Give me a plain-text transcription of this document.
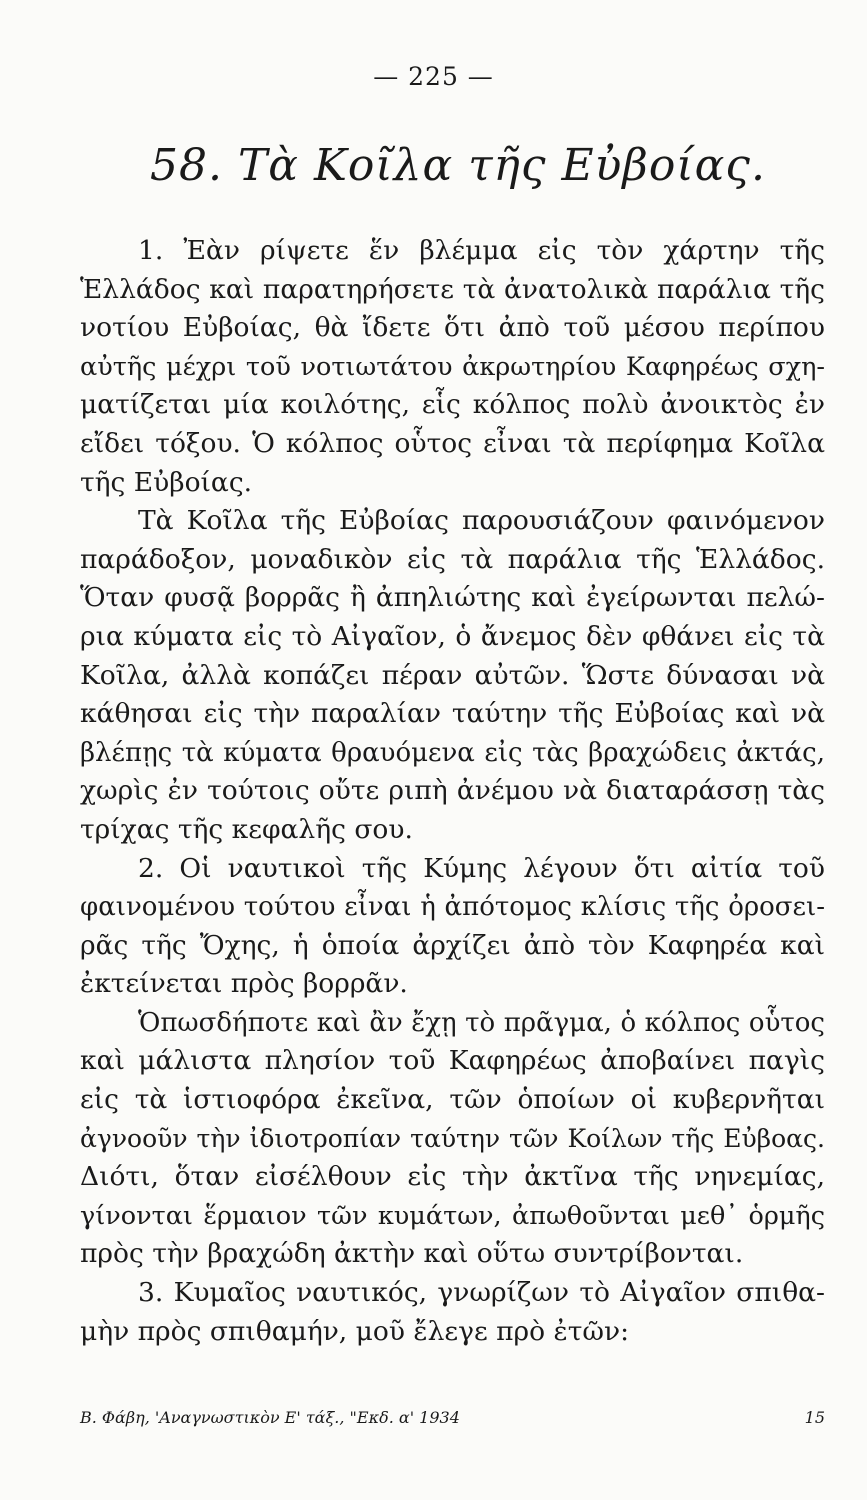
— 225 —
58. Τὰ Κοῖλα τῆς Εὐβοίας.
1. Ἐὰν ρίψετε ἕν βλέμμα εἰς τὸν χάρτην τῆς
Ἑλλάδος καὶ παρατηρήσετε τὰ ἀνατολικὰ παράλια τῆς
νοτίου Εὐβοίας, θὰ ἴδετε ὅτι ἀπὸ τοῦ μέσου περίπου
αὐτῆς μέχρι τοῦ νοτιωτάτου ἀκρωτηρίου Καφηρέως σχη-
ματίζεται μία κοιλότης, εἷς κόλπος πολὺ ἀνοικτὸς ἐν
εἴδει τόξου. Ὁ κόλπος οὗτος εἶναι τὰ περίφημα Κοῖλα
τῆς Εὐβοίας.
Τὰ Κοῖλα τῆς Εὐβοίας παρουσιάζουν φαινόμενον
παράδοξον, μοναδικὸν εἰς τὰ παράλια τῆς Ἑλλάδος.
Ὅταν φυσᾷ βορρᾶς ἢ ἀπηλιώτης καὶ ἐγείρωνται πελώ-
ρια κύματα εἰς τὸ Αἰγαῖον, ὁ ἄνεμος δὲν φθάνει εἰς τὰ
Κοῖλα, ἀλλὰ κοπάζει πέραν αὐτῶν. Ὥστε δύνασαι νὰ
κάθησαι εἰς τὴν παραλίαν ταύτην τῆς Εὐβοίας καὶ νὰ
βλέπῃς τὰ κύματα θραυόμενα εἰς τὰς βραχώδεις ἀκτάς,
χωρὶς ἐν τούτοις οὔτε ριπὴ ἀνέμου νὰ διαταράσσῃ τὰς
τρίχας τῆς κεφαλῆς σου.
2. Οἱ ναυτικοὶ τῆς Κύμης λέγουν ὅτι αἰτία τοῦ
φαινομένου τούτου εἶναι ἡ ἀπότομος κλίσις τῆς ὀροσει-
ρᾶς τῆς Ὄχης, ἡ ὁποία ἀρχίζει ἀπὸ τὸν Καφηρέα καὶ
ἐκτείνεται πρὸς βορρᾶν.
Ὁπωσδήποτε καὶ ἂν ἔχῃ τὸ πρᾶγμα, ὁ κόλπος οὗτος
καὶ μάλιστα πλησίον τοῦ Καφηρέως ἀποβαίνει παγὶς
εἰς τὰ ἱστιοφόρα ἐκεῖνα, τῶν ὁποίων οἱ κυβερνῆται
ἀγνοοῦν τὴν ἰδιοτροπίαν ταύτην τῶν Κοίλων τῆς Εὐβοας.
Διότι, ὅταν εἰσέλθουν εἰς τὴν ἀκτῖνα τῆς νηνεμίας,
γίνονται ἕρμαιον τῶν κυμάτων, ἀπωθοῦνται μεθ᾽ ὁρμῆς
πρὸς τὴν βραχώδη ἀκτὴν καὶ οὕτω συντρίβονται.
3. Κυμαῖος ναυτικός, γνωρίζων τὸ Αἰγαῖον σπιθα-
μὴν πρὸς σπιθαμήν, μοῦ ἔλεγε πρὸ ἐτῶν:
Β. Φάβη, 'Αναγνωστικὸν Ε' τάξ., "Εκδ. α' 1934	15
